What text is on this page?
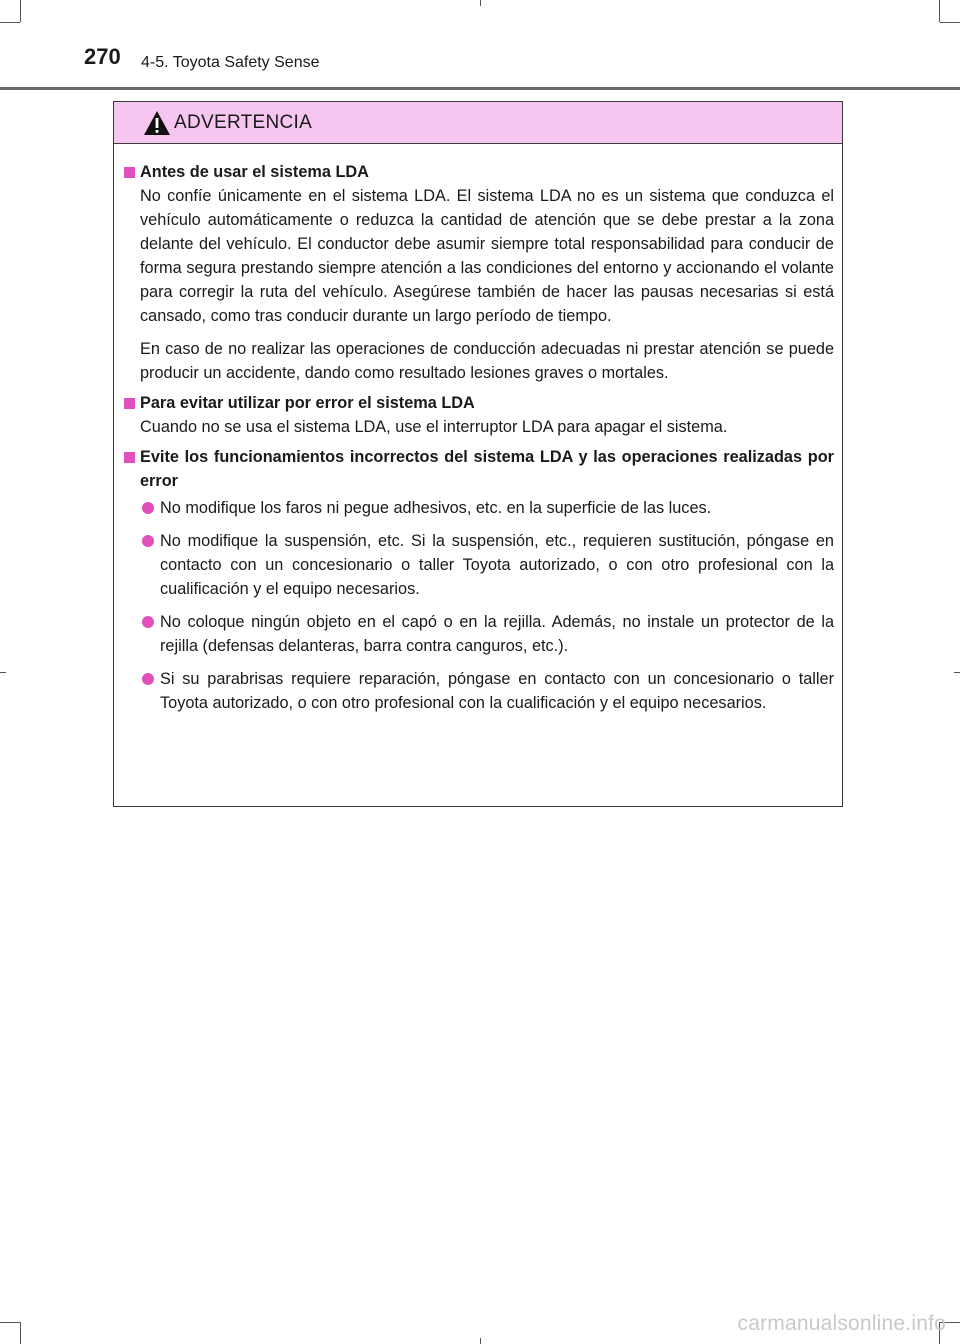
270 4-5. Toyota Safety Sense
ADVERTENCIA
Antes de usar el sistema LDA
No confíe únicamente en el sistema LDA. El sistema LDA no es un sistema que conduzca el vehículo automáticamente o reduzca la cantidad de atención que se debe prestar a la zona delante del vehículo. El conductor debe asumir siempre total responsabilidad para conducir de forma segura prestando siempre atención a las condiciones del entorno y accionando el volante para corregir la ruta del vehículo. Asegúrese también de hacer las pausas necesarias si está cansado, como tras conducir durante un largo período de tiempo.
En caso de no realizar las operaciones de conducción adecuadas ni prestar atención se puede producir un accidente, dando como resultado lesiones graves o mortales.
Para evitar utilizar por error el sistema LDA
Cuando no se usa el sistema LDA, use el interruptor LDA para apagar el sistema.
Evite los funcionamientos incorrectos del sistema LDA y las operaciones realizadas por error
No modifique los faros ni pegue adhesivos, etc. en la superficie de las luces.
No modifique la suspensión, etc. Si la suspensión, etc., requieren sustitución, póngase en contacto con un concesionario o taller Toyota autorizado, o con otro profesional con la cualificación y el equipo necesarios.
No coloque ningún objeto en el capó o en la rejilla. Además, no instale un protector de la rejilla (defensas delanteras, barra contra canguros, etc.).
Si su parabrisas requiere reparación, póngase en contacto con un concesionario o taller Toyota autorizado, o con otro profesional con la cualificación y el equipo necesarios.
carmanualsonline.info
